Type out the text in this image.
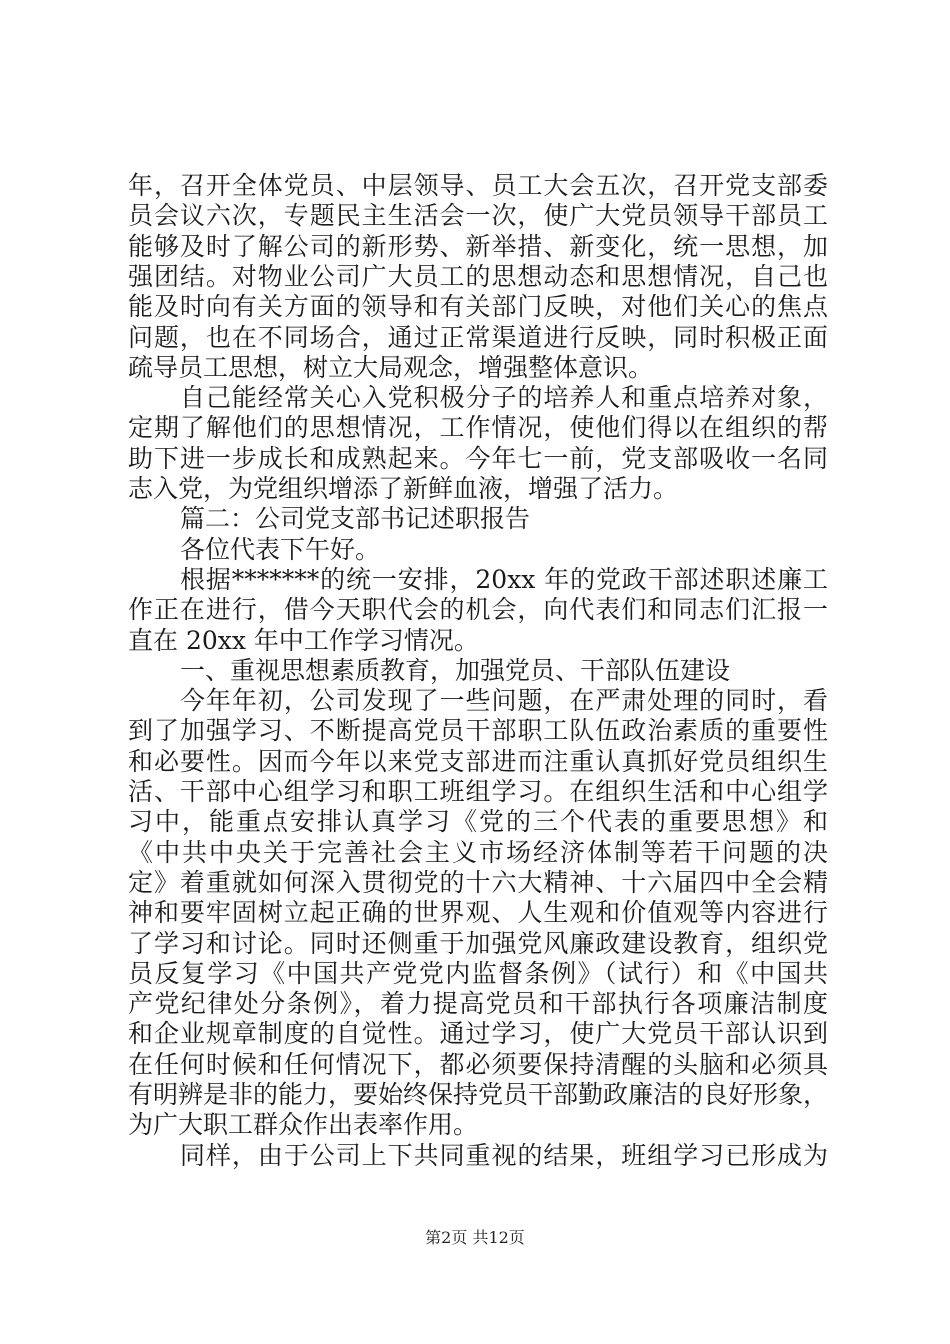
年，召开全体党员、中层领导、员工大会五次，召开党支部委
员会议六次，专题民主生活会一次，使广大党员领导干部员工
能够及时了解公司的新形势、新举措、新变化，统一思想，加
强团结。对物业公司广大员工的思想动态和思想情况，自己也
能及时向有关方面的领导和有关部门反映，对他们关心的焦点
问题，也在不同场合，通过正常渠道进行反映，同时积极正面
疏导员工思想，树立大局观念，增强整体意识。
自己能经常关心入党积极分子的培养人和重点培养对象，
定期了解他们的思想情况，工作情况，使他们得以在组织的帮
助下进一步成长和成熟起来。今年七一前，党支部吸收一名同
志入党，为党组织增添了新鲜血液，增强了活力。
篇二：公司党支部书记述职报告
各位代表下午好。
根据*******的统一安排，20xx 年的党政干部述职述廉工
作正在进行，借今天职代会的机会，向代表们和同志们汇报一
直在 20xx 年中工作学习情况。
一、重视思想素质教育，加强党员、干部队伍建设
今年年初，公司发现了一些问题，在严肃处理的同时，看
到了加强学习、不断提高党员干部职工队伍政治素质的重要性
和必要性。因而今年以来党支部进而注重认真抓好党员组织生
活、干部中心组学习和职工班组学习。在组织生活和中心组学
习中，能重点安排认真学习《党的三个代表的重要思想》和
《中共中央关于完善社会主义市场经济体制等若干问题的决
定》着重就如何深入贯彻党的十六大精神、十六届四中全会精
神和要牢固树立起正确的世界观、人生观和价值观等内容进行
了学习和讨论。同时还侧重于加强党风廉政建设教育，组织党
员反复学习《中国共产党党内监督条例》（试行）和《中国共
产党纪律处分条例》，着力提高党员和干部执行各项廉洁制度
和企业规章制度的自觉性。通过学习，使广大党员干部认识到
在任何时候和任何情况下，都必须要保持清醒的头脑和必须具
有明辨是非的能力，要始终保持党员干部勤政廉洁的良好形象，
为广大职工群众作出表率作用。
第2页 共12页
同样，由于公司上下共同重视的结果，班组学习已形成为
